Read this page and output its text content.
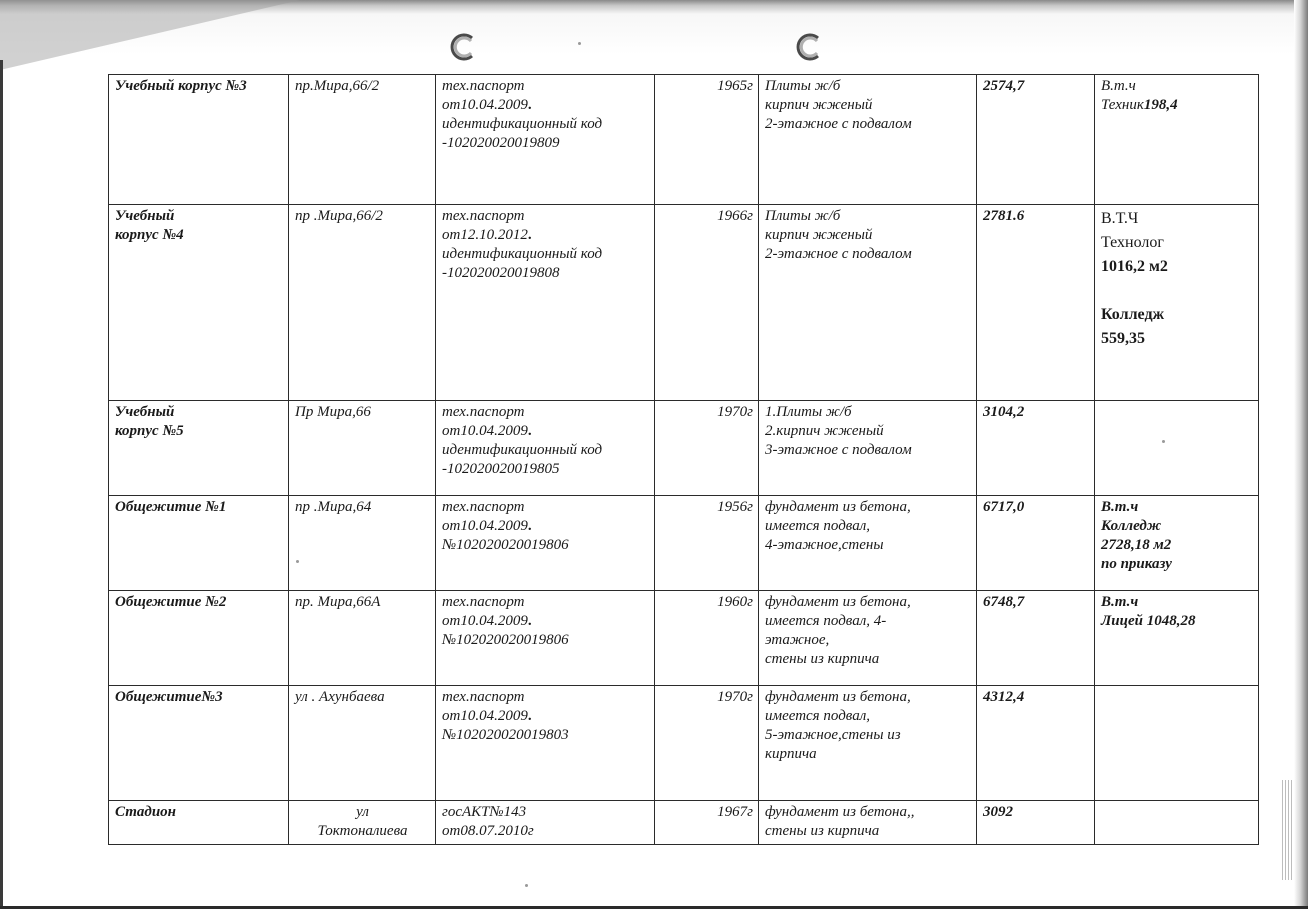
Учебный корпус №3	пр.Мира,66/2	тех.паспорт
от10.04.2009.
идентификационный код
-102020020019809	1965г	Плиты ж/б
кирпич жженый
2-этажное с подвалом	2574,7	В.т.ч
Техник198,4
Учебный
корпус №4	пр .Мира,66/2	тех.паспорт
от12.10.2012.
идентификационный код
-102020020019808	1966г	Плиты ж/б
кирпич жженый
2-этажное с подвалом	2781.6	В.Т.Ч
Технолог
1016,2 м2

Колледж
559,35
Учебный
корпус №5	Пр Мира,66	тех.паспорт
от10.04.2009.
идентификационный код
-102020020019805	1970г	1.Плиты ж/б
2.кирпич жженый
3-этажное с подвалом	3104,2	
Общежитие №1	пр .Мира,64	тех.паспорт
от10.04.2009.
№102020020019806	1956г	фундамент из бетона,
имеется подвал,
4-этажное,стены	6717,0	В.т.ч
Колледж
2728,18 м2
по приказу
Общежитие №2	пр. Мира,66А	тех.паспорт
от10.04.2009.
№102020020019806	1960г	фундамент из бетона,
имеется подвал, 4-
этажное,
стены из кирпича	6748,7	В.т.ч
Лицей 1048,28
Общежитие№3	ул . Ахунбаева	тех.паспорт
от10.04.2009.
№102020020019803	1970г	фундамент из бетона,
имеется подвал,
5-этажное,стены из
кирпича	4312,4	
Стадион	ул
Токтоналиева	госАКТ№143
от08.07.2010г	1967г	фундамент из бетона,,
стены из кирпича	3092	
